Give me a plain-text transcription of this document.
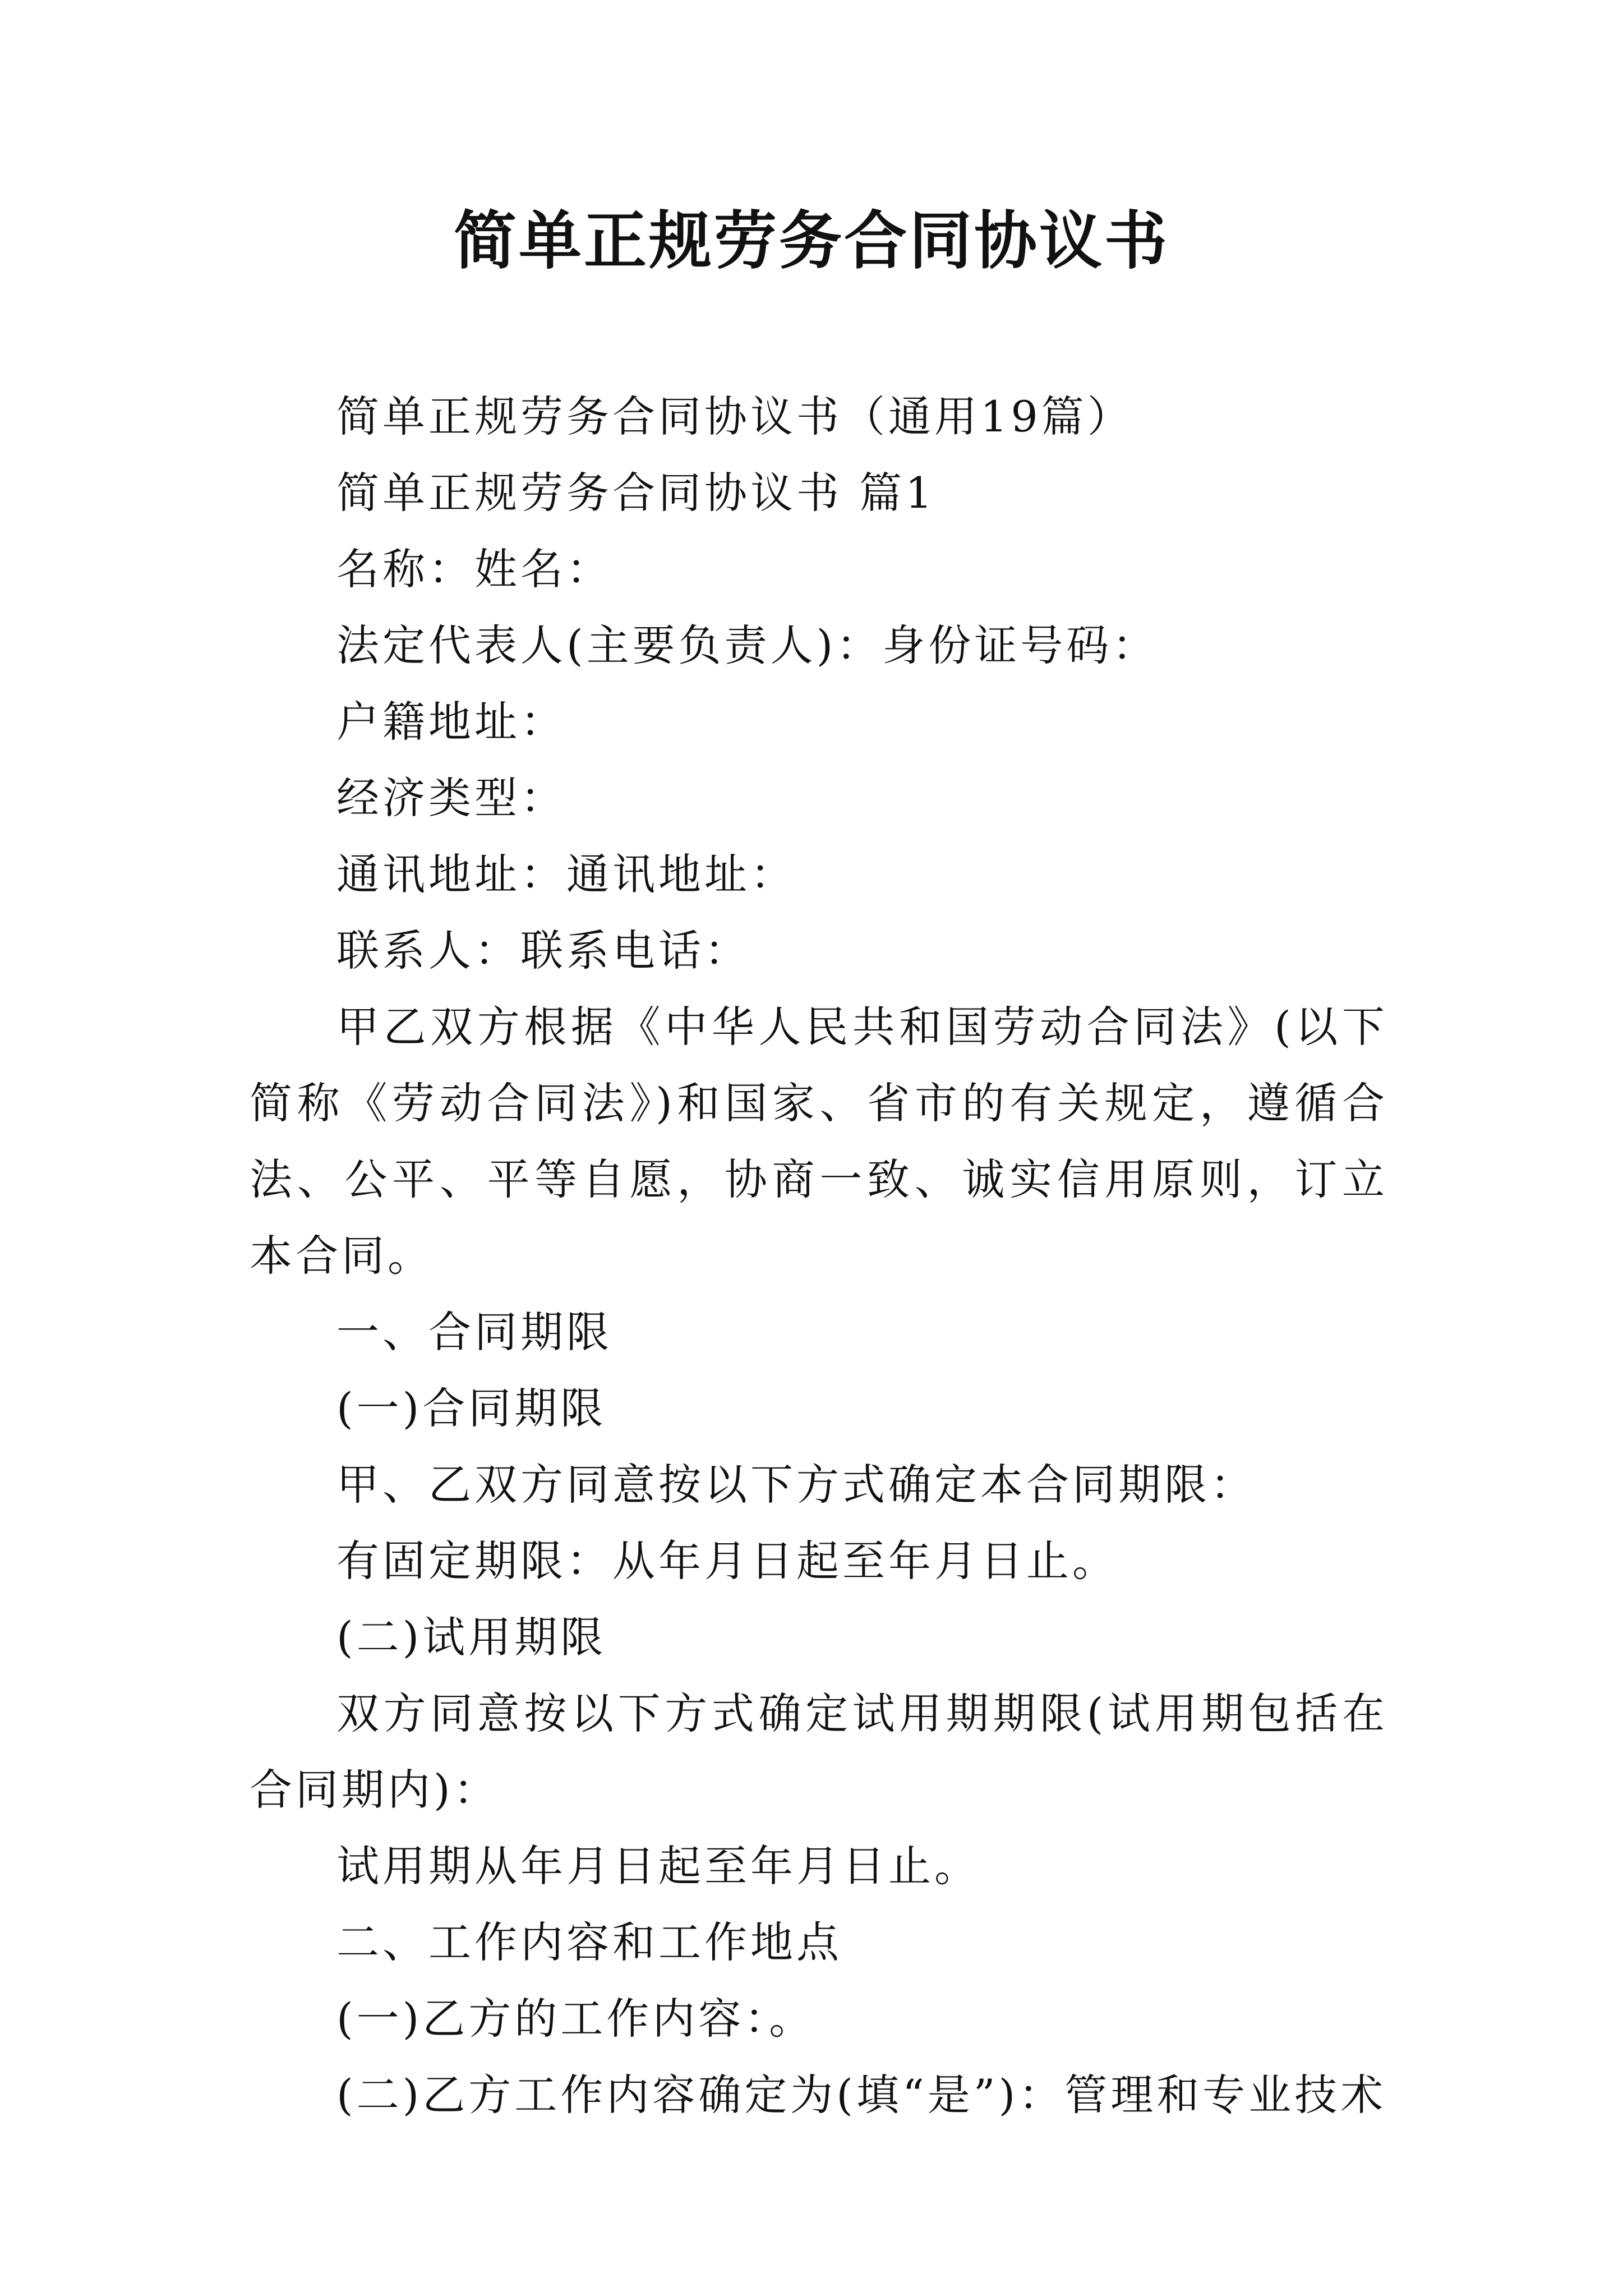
简单正规劳务合同协议书

简单正规劳务合同协议书（通用19篇）

简单正规劳务合同协议书 篇1

名称：姓名：

法定代表人(主要负责人)：身份证号码：

户籍地址：

经济类型：

通讯地址：通讯地址：

联系人：联系电话：

甲乙双方根据《中华人民共和国劳动合同法》(以下简称《劳动合同法》)和国家、省市的有关规定，遵循合法、公平、平等自愿，协商一致、诚实信用原则，订立本合同。

一、合同期限

(一)合同期限

甲、乙双方同意按以下方式确定本合同期限：

有固定期限：从年月日起至年月日止。

(二)试用期限

双方同意按以下方式确定试用期期限(试用期包括在合同期内)：

试用期从年月日起至年月日止。

二、工作内容和工作地点

(一)乙方的工作内容：。

(二)乙方工作内容确定为(填“是”)：管理和专业技术
